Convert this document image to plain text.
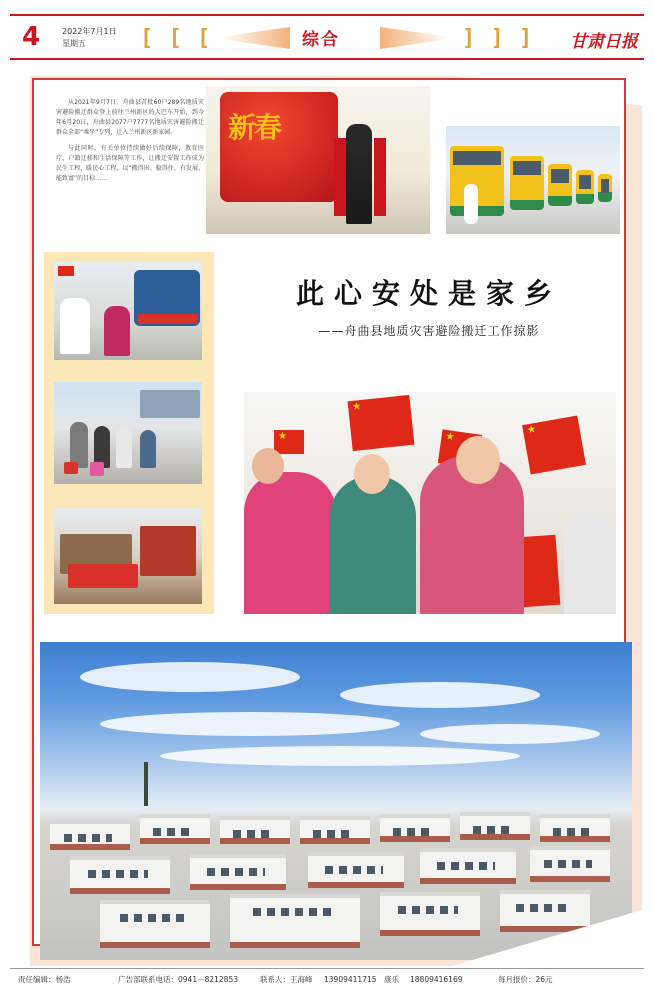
4	2022年7月1日
星期五	[ [ [	综合	] ] ] 甘肃日报

从2021年9月7日，舟曲县首批60户289名地质灾害避险搬迁群众登上前往兰州新区的大巴车开始，到今年6月20日，舟曲县2077户7777名地质灾害避险搬迁群众全部“乘坐”专列，迁入兰州新区新家园。

与此同时，有关单位持续做好后续保障，教育医疗、户籍迁移和生活保障等工作，让搬迁安置工作成为民生工程、暖民心工程，以“搬得出、稳得住、有发展、能致富”的目标……

新春
此心安处是家乡
——舟曲县地质灾害避险搬迁工作掠影
★
★
★
★
★
责任编辑：杨浩	广告部联系电话：0941－8212853	联系人：王海峰 13909411715 康乐 18809416169	每月报价：26元
